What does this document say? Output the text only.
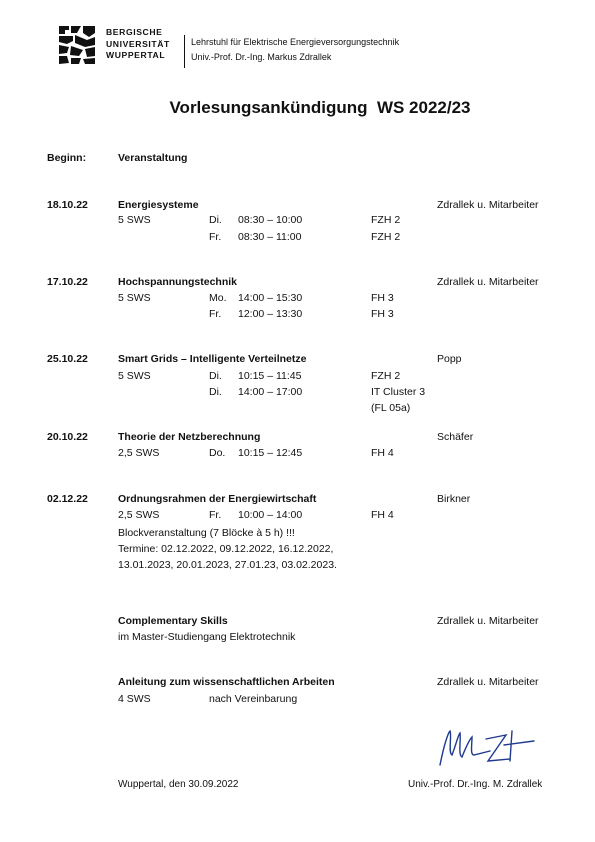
BERGISCHE
UNIVERSITÄT
WUPPERTAL
Lehrstuhl für Elektrische Energieversorgungstechnik
Univ.-Prof. Dr.-Ing. Markus Zdrallek
Vorlesungsankündigung  WS 2022/23
Beginn:	Veranstaltung
18.10.22	Energiesysteme	Zdrallek u. Mitarbeiter
5 SWS	Di. 08:30 – 10:00	FZH 2
Fr. 08:30 – 11:00	FZH 2
17.10.22	Hochspannungstechnik	Zdrallek u. Mitarbeiter
5 SWS	Mo. 14:00 – 15:30	FH 3
Fr. 12:00 – 13:30	FH 3
25.10.22	Smart Grids – Intelligente Verteilnetze	Popp
5 SWS	Di. 10:15 – 11:45	FZH 2
Di. 14:00 – 17:00	IT Cluster 3
(FL 05a)
20.10.22	Theorie der Netzberechnung	Schäfer
2,5 SWS	Do. 10:15 – 12:45	FH 4
02.12.22	Ordnungsrahmen der Energiewirtschaft	Birkner
2,5 SWS	Fr. 10:00 – 14:00	FH 4
Blockveranstaltung (7 Blöcke à 5 h) !!!
Termine: 02.12.2022, 09.12.2022, 16.12.2022,
13.01.2023, 20.01.2023, 27.01.23, 03.02.2023.
Complementary Skills	Zdrallek u. Mitarbeiter
im Master-Studiengang Elektrotechnik
Anleitung zum wissenschaftlichen Arbeiten	Zdrallek u. Mitarbeiter
4 SWS	nach Vereinbarung
Wuppertal, den 30.09.2022	Univ.-Prof. Dr.-Ing. M. Zdrallek
